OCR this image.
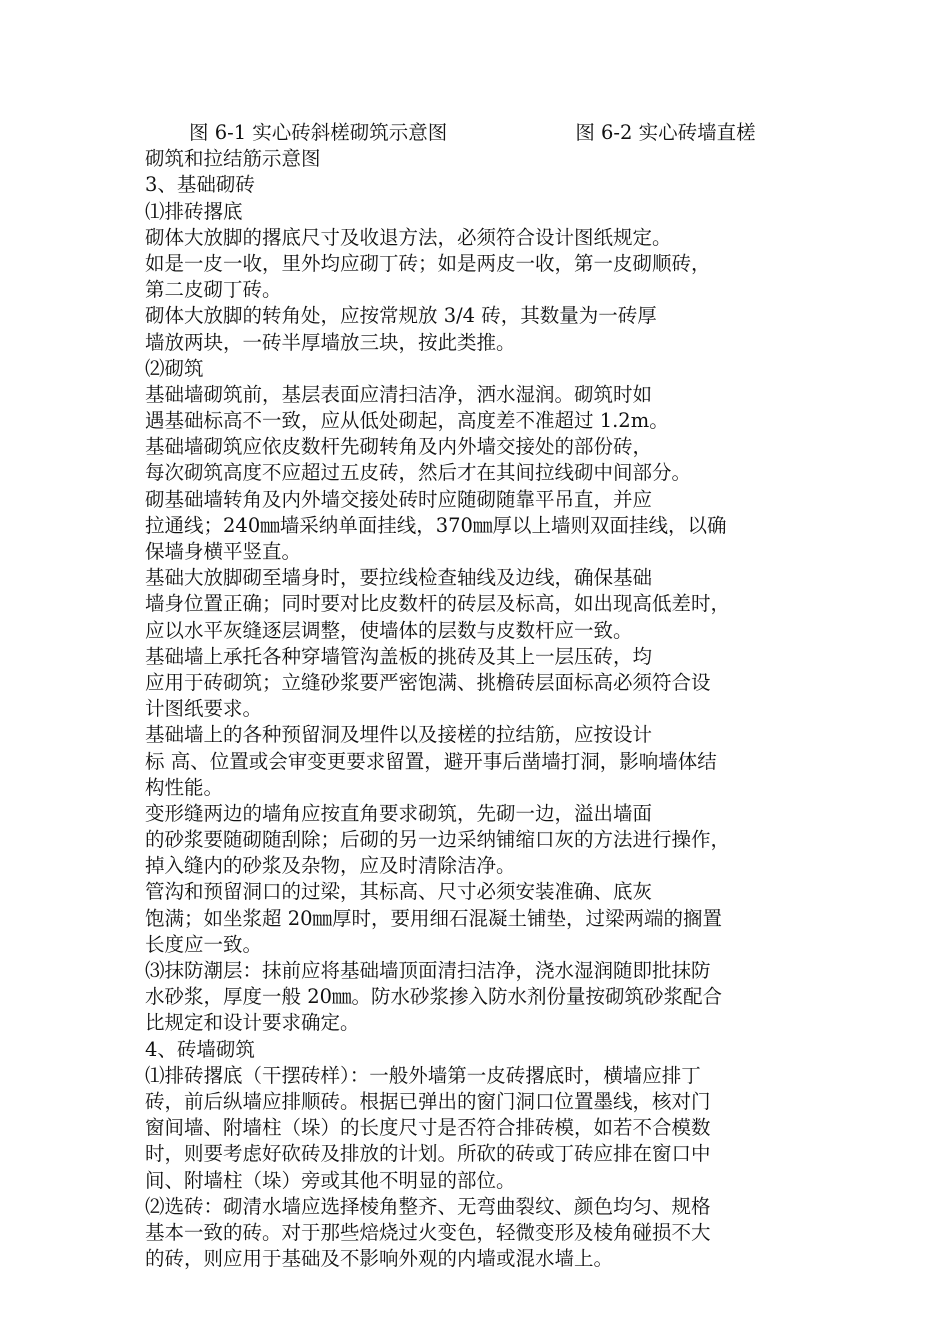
图 6-1 实心砖斜槎砌筑示意图	图 6-2 实心砖墙直槎
砌筑和拉结筋示意图
3、基础砌砖
⑴排砖撂底
砌体大放脚的撂底尺寸及收退方法，必须符合设计图纸规定。
如是一皮一收，里外均应砌丁砖；如是两皮一收，第一皮砌顺砖，
第二皮砌丁砖。
砌体大放脚的转角处，应按常规放 3/4 砖，其数量为一砖厚
墙放两块，一砖半厚墙放三块，按此类推。
⑵砌筑
基础墙砌筑前，基层表面应清扫洁净，洒水湿润。砌筑时如
遇基础标高不一致，应从低处砌起，高度差不准超过 1.2m。
基础墙砌筑应依皮数杆先砌转角及内外墙交接处的部份砖，
每次砌筑高度不应超过五皮砖，然后才在其间拉线砌中间部分。
砌基础墙转角及内外墙交接处砖时应随砌随靠平吊直，并应
拉通线；240㎜墙采纳单面挂线，370㎜厚以上墙则双面挂线，以确
保墙身横平竖直。
基础大放脚砌至墙身时，要拉线检查轴线及边线，确保基础
墙身位置正确；同时要对比皮数杆的砖层及标高，如出现高低差时，
应以水平灰缝逐层调整，使墙体的层数与皮数杆应一致。
基础墙上承托各种穿墙管沟盖板的挑砖及其上一层压砖，均
应用于砖砌筑；立缝砂浆要严密饱满、挑檐砖层面标高必须符合设
计图纸要求。
基础墙上的各种预留洞及埋件以及接槎的拉结筋，应按设计
标 高、位置或会审变更要求留置，避开事后凿墙打洞，影响墙体结
构性能。
变形缝两边的墙角应按直角要求砌筑，先砌一边，溢出墙面
的砂浆要随砌随刮除；后砌的另一边采纳铺缩口灰的方法进行操作，
掉入缝内的砂浆及杂物，应及时清除洁净。
管沟和预留洞口的过梁，其标高、尺寸必须安装准确、底灰
饱满；如坐浆超 20㎜厚时，要用细石混凝土铺垫，过梁两端的搁置
长度应一致。
⑶抹防潮层：抹前应将基础墙顶面清扫洁净，浇水湿润随即批抹防
水砂浆，厚度一般 20㎜。防水砂浆掺入防水剂份量按砌筑砂浆配合
比规定和设计要求确定。
4、砖墙砌筑
⑴排砖撂底（干摆砖样）：一般外墙第一皮砖撂底时，横墙应排丁
砖，前后纵墙应排顺砖。根据已弹出的窗门洞口位置墨线，核对门
窗间墙、附墙柱（垛）的长度尺寸是否符合排砖模，如若不合模数
时，则要考虑好砍砖及排放的计划。所砍的砖或丁砖应排在窗口中
间、附墙柱（垛）旁或其他不明显的部位。
⑵选砖：砌清水墙应选择棱角整齐、无弯曲裂纹、颜色均匀、规格
基本一致的砖。对于那些焙烧过火变色，轻微变形及棱角碰损不大
的砖，则应用于基础及不影响外观的内墙或混水墙上。
